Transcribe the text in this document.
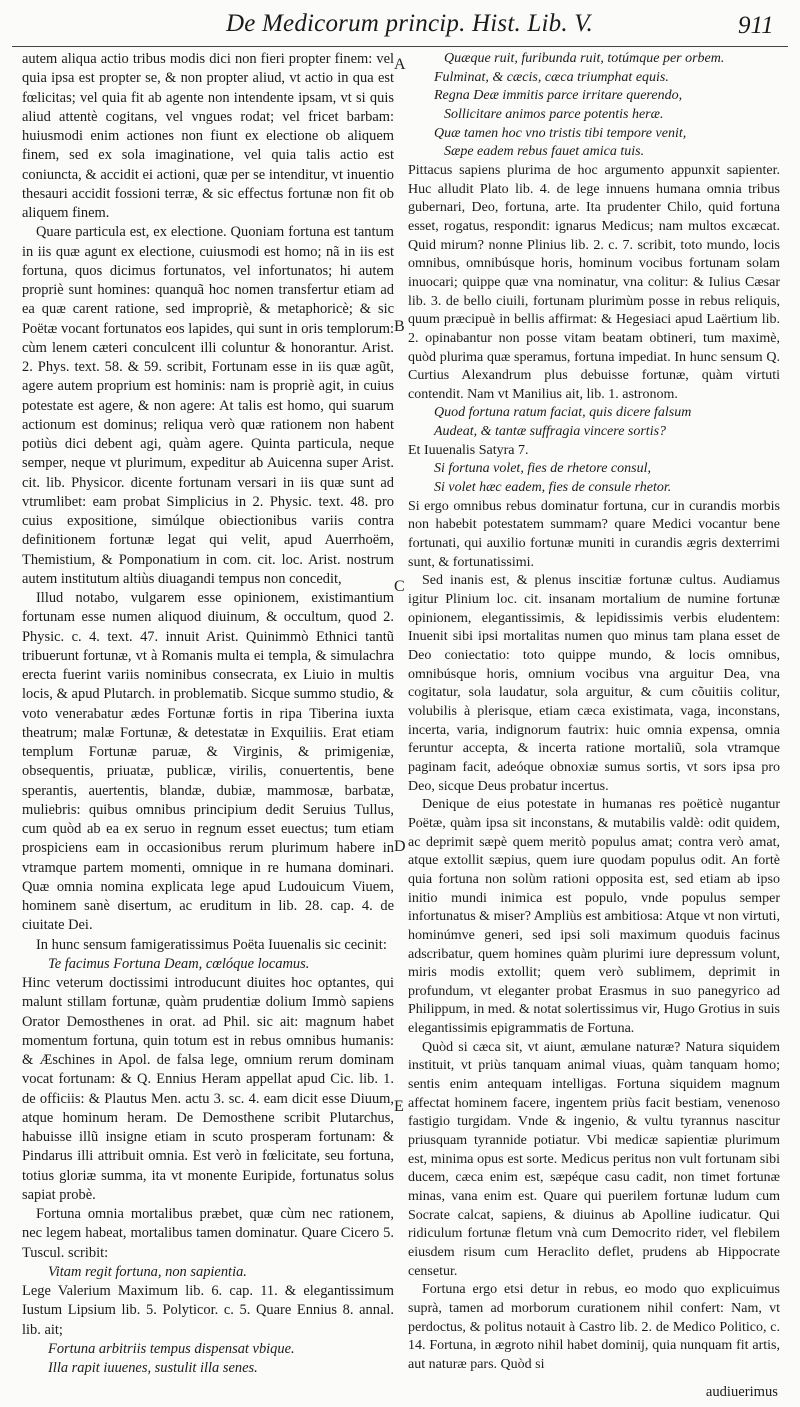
De Medicorum princip. Hist. Lib. V.	911

autem aliqua actio tribus modis dici non fieri propter finem: vel quia ipsa est propter se, & non propter aliud, vt actio in qua est fœlicitas; vel quia fit ab agente non intendente ipsam, vt si quis aliud attentè cogitans, vel vngues rodat; vel fricet barbam: huiusmodi enim actiones non fiunt ex electione ob aliquem finem, sed ex sola imaginatione, vel quia talis actio est coniuncta, & accidit ei actioni, quæ per se intenditur, vt inuentio thesauri accidit fossioni terræ, & sic effectus fortunæ non fit ob aliquem finem.

Quare particula est, ex electione. Quoniam fortuna est tantum in iis quæ agunt ex electione, cuiusmodi est homo; nã in iis est fortuna, quos dicimus fortunatos, vel infortunatos; hi autem propriè sunt homines: quanquã hoc nomen transfertur etiam ad ea quæ carent ratione, sed impropriè, & metaphoricè; & sic Poëtæ vocant fortunatos eos lapides, qui sunt in oris templorum: cùm lenem cæteri conculcent illi coluntur & honorantur. Arist. 2. Phys. text. 58. & 59. scribit, Fortunam esse in iis quæ agũt, agere autem proprium est hominis: nam is propriè agit, in cuius potestate est agere, & non agere: At talis est homo, qui suarum actionum est dominus; reliqua verò quæ rationem non habent potiùs dici debent agi, quàm agere. Quinta particula, neque semper, neque vt plurimum, expeditur ab Auicenna super Arist. cit. lib. Physicor. dicente fortunam versari in iis quæ sunt ad vtrumlibet: eam probat Simplicius in 2. Physic. text. 48. pro cuius expositione, simúlque obiectionibus variis contra definitionem fortunæ legat qui velit, apud Auerrhoëm, Themistium, & Pomponatium in com. cit. loc. Arist. nostrum autem institutum altiùs diuagandi tempus non concedit,

Illud notabo, vulgarem esse opinionem, existimantium fortunam esse numen aliquod diuinum, & occultum, quod 2. Physic. c. 4. text. 47. innuit Arist. Quinimmò Ethnici tantũ tribuerunt fortunæ, vt à Romanis multa ei templa, & simulachra erecta fuerint variis nominibus consecrata, ex Liuio in multis locis, & apud Plutarch. in problematib. Sicque summo studio, & voto venerabatur ædes Fortunæ fortis in ripa Tiberina iuxta theatrum; malæ Fortunæ, & detestatæ in Exquiliis. Erat etiam templum Fortunæ paruæ, & Virginis, & primigeniæ, obsequentis, priuatæ, publicæ, virilis, conuertentis, bene sperantis, auertentis, blandæ, dubiæ, mammosæ, barbatæ, muliebris: quibus omnibus principium dedit Seruius Tullus, cum quòd ab ea ex seruo in regnum esset euectus; tum etiam prospiciens eam in occasionibus rerum plurimum habere in vtramque partem momenti, omnique in re humana dominari. Quæ omnia nomina explicata lege apud Ludouicum Viuem, hominem sanè disertum, ac eruditum in lib. 28. cap. 4. de ciuitate Dei.

In hunc sensum famigeratissimus Poëta Iuuenalis sic cecinit:

Te facimus Fortuna Deam, cœlóque locamus.

Hinc veterum doctissimi introducunt diuites hoc optantes, qui malunt stillam fortunæ, quàm prudentiæ dolium Immò sapiens Orator Demosthenes in orat. ad Phil. sic ait: magnum habet momentum fortuna, quin totum est in rebus omnibus humanis: & Æschines in Apol. de falsa lege, omnium rerum dominam vocat fortunam: & Q. Ennius Heram appellat apud Cic. lib. 1. de officiis: & Plautus Men. actu 3. sc. 4. eam dicit esse Diuum, atque hominum heram. De Demosthene scribit Plutarchus, habuisse illũ insigne etiam in scuto prosperam fortunam: & Pindarus illi attribuit omnia. Est verò in fœlicitate, seu fortuna, totius gloriæ summa, ita vt monente Euripide, fortunatus solus sapiat probè.

Fortuna omnia mortalibus præbet, quæ cùm nec rationem, nec legem habeat, mortalibus tamen dominatur. Quare Cicero 5. Tuscul. scribit:

Vitam regit fortuna, non sapientia.

Lege Valerium Maximum lib. 6. cap. 11. & elegantissimum Iustum Lipsium lib. 5. Polyticor. c. 5. Quare Ennius 8. annal. lib. ait;

Fortuna arbitriis tempus dispensat vbique.

Illa rapit iuuenes, sustulit illa senes.

Quæque ruit, furibunda ruit, totúmque per orbem.

Fulminat, & cæcis, cæca triumphat equis.

Regna Deæ immitis parce irritare querendo,

Sollicitare animos parce potentis heræ.

Quæ tamen hoc vno tristis tibi tempore venit,

Sæpe eadem rebus fauet amica tuis.

Pittacus sapiens plurima de hoc argumento appunxit sapienter. Huc alludit Plato lib. 4. de lege innuens humana omnia tribus gubernari, Deo, fortuna, arte. Ita prudenter Chilo, quid fortuna esset, rogatus, respondit: ignarus Medicus; nam multos excæcat. Quid mirum? nonne Plinius lib. 2. c. 7. scribit, toto mundo, locis omnibus, omnibúsque horis, hominum vocibus fortunam solam inuocari; quippe quæ vna nominatur, vna colitur: & Iulius Cæsar lib. 3. de bello ciuili, fortunam plurimùm posse in rebus reliquis, quum præcipuè in bellis affirmat: & Hegesiaci apud Laërtium lib. 2. opinabantur non posse vitam beatam obtineri, tum maximè, quòd plurima quæ speramus, fortuna impediat. In hunc sensum Q. Curtius Alexandrum plus debuisse fortunæ, quàm virtuti contendit. Nam vt Manilius ait, lib. 1. astronom.

Quod fortuna ratum faciat, quis dicere falsum

Audeat, & tantæ suffragia vincere sortis?

Et Iuuenalis Satyra 7.

Si fortuna volet, fies de rhetore consul,

Si volet hæc eadem, fies de consule rhetor.

Si ergo omnibus rebus dominatur fortuna, cur in curandis morbis non habebit potestatem summam? quare Medici vocantur bene fortunati, qui auxilio fortunæ muniti in curandis ægris dexterrimi sunt, & fortunatissimi.

Sed inanis est, & plenus inscitiæ fortunæ cultus. Audiamus igitur Plinium loc. cit. insanam mortalium de numine fortunæ opinionem, elegantissimis, & lepidissimis verbis eludentem: Inuenit sibi ipsi mortalitas numen quo minus tam plana esset de Deo coniectatio: toto quippe mundo, & locis omnibus, omnibúsque horis, omnium vocibus vna arguitur Dea, vna cogitatur, sola laudatur, sola arguitur, & cum cõuitiis colitur, volubilis à plerisque, etiam cæca existimata, vaga, inconstans, incerta, varia, indignorum fautrix: huic omnia expensa, omnia feruntur accepta, & incerta ratione mortaliũ, sola vtramque paginam facit, adeóque obnoxiæ sumus sortis, vt sors ipsa pro Deo, sicque Deus probatur incertus.

Denique de eius potestate in humanas res poëticè nugantur Poëtæ, quàm ipsa sit inconstans, & mutabilis valdè: odit quidem, ac deprimit sæpè quem meritò populus amat; contra verò amat, atque extollit sæpius, quem iure quodam populus odit. An fortè quia fortuna non solùm rationi opposita est, sed etiam ab ipso initio mundi inimica est populo, vnde populus semper infortunatus & miser? Ampliùs est ambitiosa: Atque vt non virtuti, hominúmve generi, sed ipsi soli maximum quoduis facinus adscribatur, quem homines quàm plurimi iure depressum volunt, miris modis extollit; quem verò sublimem, deprimit in profundum, vt eleganter probat Erasmus in suo panegyrico ad Philippum, in med. & notat solertissimus vir, Hugo Grotius in suis elegantissimis epigrammatis de Fortuna.

Quòd si cæca sit, vt aiunt, æmulane naturæ? Natura siquidem instituit, vt priùs tanquam animal viuas, quàm tanquam homo; sentis enim antequam intelligas. Fortuna siquidem magnum affectat hominem facere, ingentem priùs facit bestiam, venenoso fastigio turgidam. Vnde & ingenio, & vultu tyrannus nascitur priusquam tyrannide potiatur. Vbi medicæ sapientiæ plurimum est, minima opus est sorte. Medicus peritus non vult fortunam sibi ducem, cæca enim est, sæpéque casu cadit, non timet fortunæ minas, vana enim est. Quare qui puerilem fortunæ ludum cum Socrate calcat, sapiens, & diuinus ab Apolline iudicatur. Qui ridiculum fortunæ fletum vnà cum Democrito rideт, vel flebilem eiusdem risum cum Heraclito deflet, prudens ab Hippocrate censetur.

Fortuna ergo etsi detur in rebus, eo modo quo explicuimus suprà, tamen ad morborum curationem nihil confert: Nam, vt perdoctus, & politus notauit à Castro lib. 2. de Medico Politico, c. 14. Fortuna, in ægroto nihil habet dominij, quia nunquam fit artis, aut naturæ pars. Quòd si

A
B
C
D
E
audiuerimus
